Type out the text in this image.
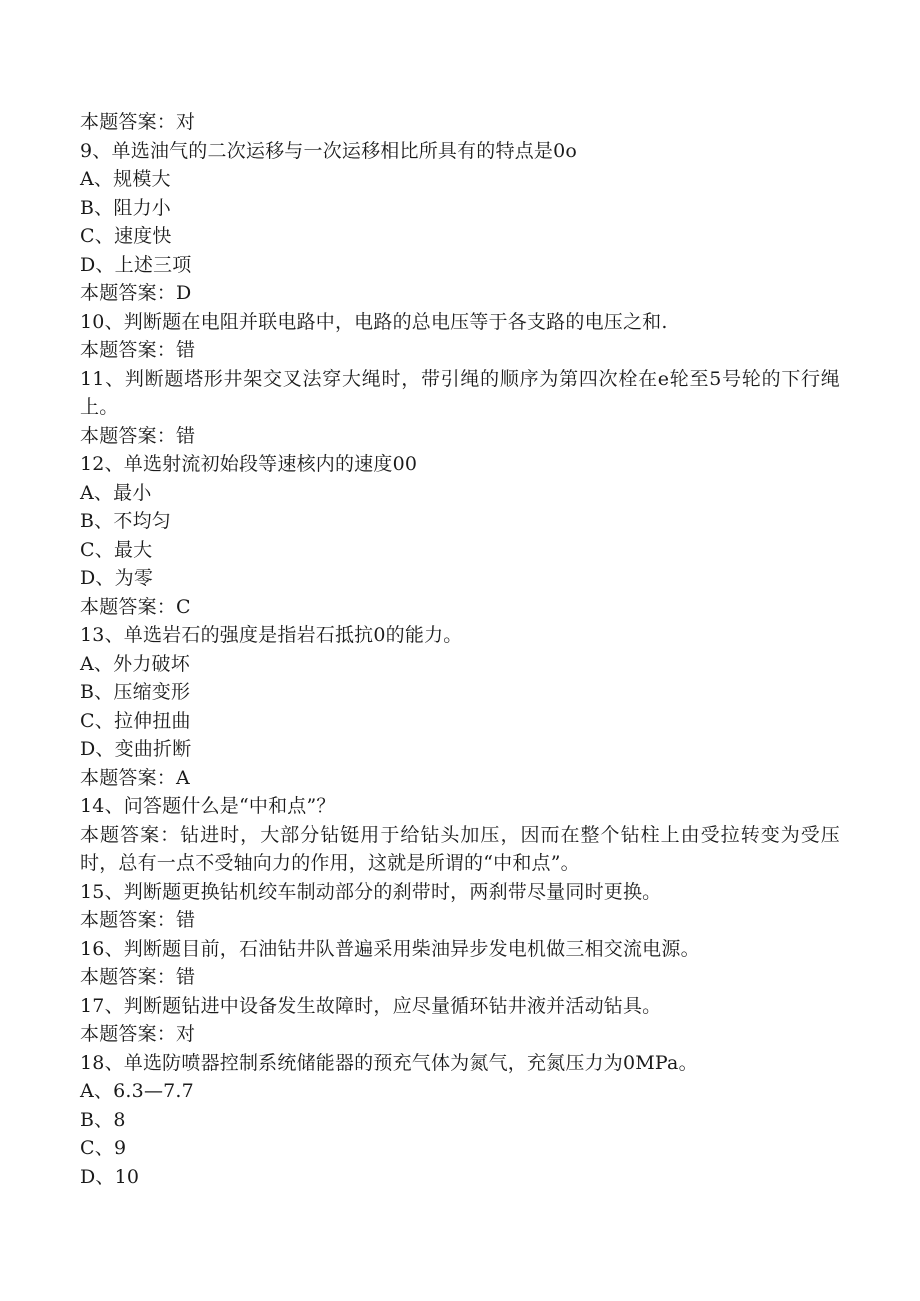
本题答案：对
9、单选油气的二次运移与一次运移相比所具有的特点是0o
A、规模大
B、阻力小
C、速度快
D、上述三项
本题答案：D
10、判断题在电阻并联电路中，电路的总电压等于各支路的电压之和.
本题答案：错
11、判断题塔形井架交叉法穿大绳时，带引绳的顺序为第四次栓在e轮至5号轮的下行绳上。
本题答案：错
12、单选射流初始段等速核内的速度00
A、最小
B、不均匀
C、最大
D、为零
本题答案：C
13、单选岩石的强度是指岩石抵抗0的能力。
A、外力破坏
B、压缩变形
C、拉伸扭曲
D、变曲折断
本题答案：A
14、问答题什么是“中和点”？
本题答案：钻进时，大部分钻铤用于给钻头加压，因而在整个钻柱上由受拉转变为受压时，总有一点不受轴向力的作用，这就是所谓的“中和点”。
15、判断题更换钻机绞车制动部分的刹带时，两刹带尽量同时更换。
本题答案：错
16、判断题目前，石油钻井队普遍采用柴油异步发电机做三相交流电源。
本题答案：错
17、判断题钻进中设备发生故障时，应尽量循环钻井液并活动钻具。
本题答案：对
18、单选防喷器控制系统储能器的预充气体为氮气，充氮压力为0MPa。
A、6.3—7.7
B、8
C、9
D、10
